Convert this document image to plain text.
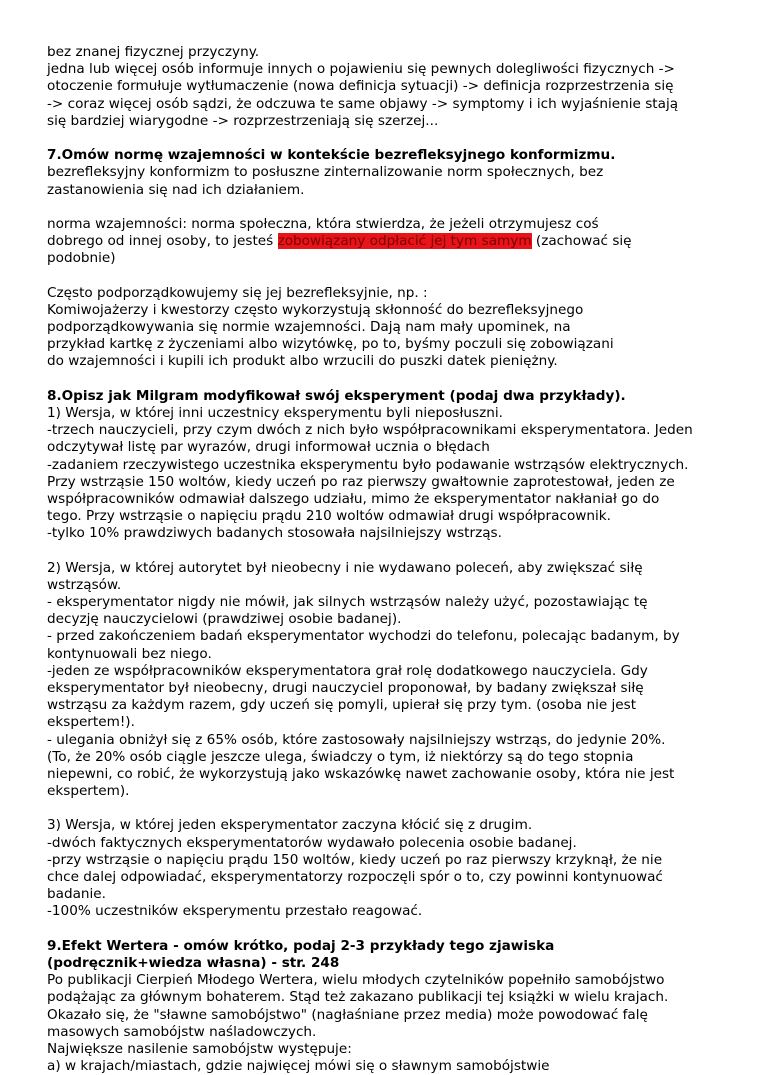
bez znanej fizycznej przyczyny.
jedna lub więcej osób informuje innych o pojawieniu się pewnych dolegliwości fizycznych ->
otoczenie formułuje wytłumaczenie (nowa definicja sytuacji) -> definicja rozprzestrzenia się
-> coraz więcej osób sądzi, że odczuwa te same objawy -> symptomy i ich wyjaśnienie stają
się bardziej wiarygodne -> rozprzestrzeniają się szerzej...
7.Omów normę wzajemności w kontekście bezrefleksyjnego konformizmu.
bezrefleksyjny konformizm to posłuszne zinternalizowanie norm społecznych, bez
zastanowienia się nad ich działaniem.
norma wzajemności: norma społeczna, która stwierdza, że jeżeli otrzymujesz coś
dobrego od innej osoby, to jesteś zobowiązany odpłacić jej tym samym (zachować się
podobnie)
Często podporządkowujemy się jej bezrefleksyjnie, np. :
Komiwojażerzy i kwestorzy często wykorzystują skłonność do bezrefleksyjnego
podporządkowywania się normie wzajemności. Dają nam mały upominek, na
przykład kartkę z życzeniami albo wizytówkę, po to, byśmy poczuli się zobowiązani
do wzajemności i kupili ich produkt albo wrzucili do puszki datek pieniężny.
8.Opisz jak Milgram modyfikował swój eksperyment (podaj dwa przykłady).
1) Wersja, w której inni uczestnicy eksperymentu byli nieposłuszni.
-trzech nauczycieli, przy czym dwóch z nich było współpracownikami eksperymentatora. Jeden
odczytywał listę par wyrazów, drugi informował ucznia o błędach
-zadaniem rzeczywistego uczestnika eksperymentu było podawanie wstrząsów elektrycznych.
Przy wstrząsie 150 woltów, kiedy uczeń po raz pierwszy gwałtownie zaprotestował, jeden ze
współpracowników odmawiał dalszego udziału, mimo że eksperymentator nakłaniał go do
tego. Przy wstrząsie o napięciu prądu 210 woltów odmawiał drugi współpracownik.
-tylko 10% prawdziwych badanych stosowała najsilniejszy wstrząs.
2) Wersja, w której autorytet był nieobecny i nie wydawano poleceń, aby zwiększać siłę
wstrząsów.
- eksperymentator nigdy nie mówił, jak silnych wstrząsów należy użyć, pozostawiając tę
decyzję nauczycielowi (prawdziwej osobie badanej).
- przed zakończeniem badań eksperymentator wychodzi do telefonu, polecając badanym, by
kontynuowali bez niego.
-jeden ze współpracowników eksperymentatora grał rolę dodatkowego nauczyciela. Gdy
eksperymentator był nieobecny, drugi nauczyciel proponował, by badany zwiększał siłę
wstrząsu za każdym razem, gdy uczeń się pomyli, upierał się przy tym. (osoba nie jest
ekspertem!).
- ulegania obniżył się z 65% osób, które zastosowały najsilniejszy wstrząs, do jedynie 20%.
(To, że 20% osób ciągle jeszcze ulega, świadczy o tym, iż niektórzy są do tego stopnia
niepewni, co robić, że wykorzystują jako wskazówkę nawet zachowanie osoby, która nie jest
ekspertem).
3) Wersja, w której jeden eksperymentator zaczyna kłócić się z drugim.
-dwóch faktycznych eksperymentatorów wydawało polecenia osobie badanej.
-przy wstrząsie o napięciu prądu 150 woltów, kiedy uczeń po raz pierwszy krzyknął, że nie
chce dalej odpowiadać, eksperymentatorzy rozpoczęli spór o to, czy powinni kontynuować
badanie.
-100% uczestników eksperymentu przestało reagować.
9.Efekt Wertera - omów krótko, podaj 2-3 przykłady tego zjawiska
(podręcznik+wiedza własna) - str. 248
Po publikacji Cierpień Młodego Wertera, wielu młodych czytelników popełniło samobójstwo
podążając za głównym bohaterem. Stąd też zakazano publikacji tej książki w wielu krajach.
Okazało się, że "sławne samobójstwo" (nagłaśniane przez media) może powodować falę
masowych samobójstw naśladowczych.
Największe nasilenie samobójstw występuje:
a) w krajach/miastach, gdzie najwięcej mówi się o sławnym samobójstwie
